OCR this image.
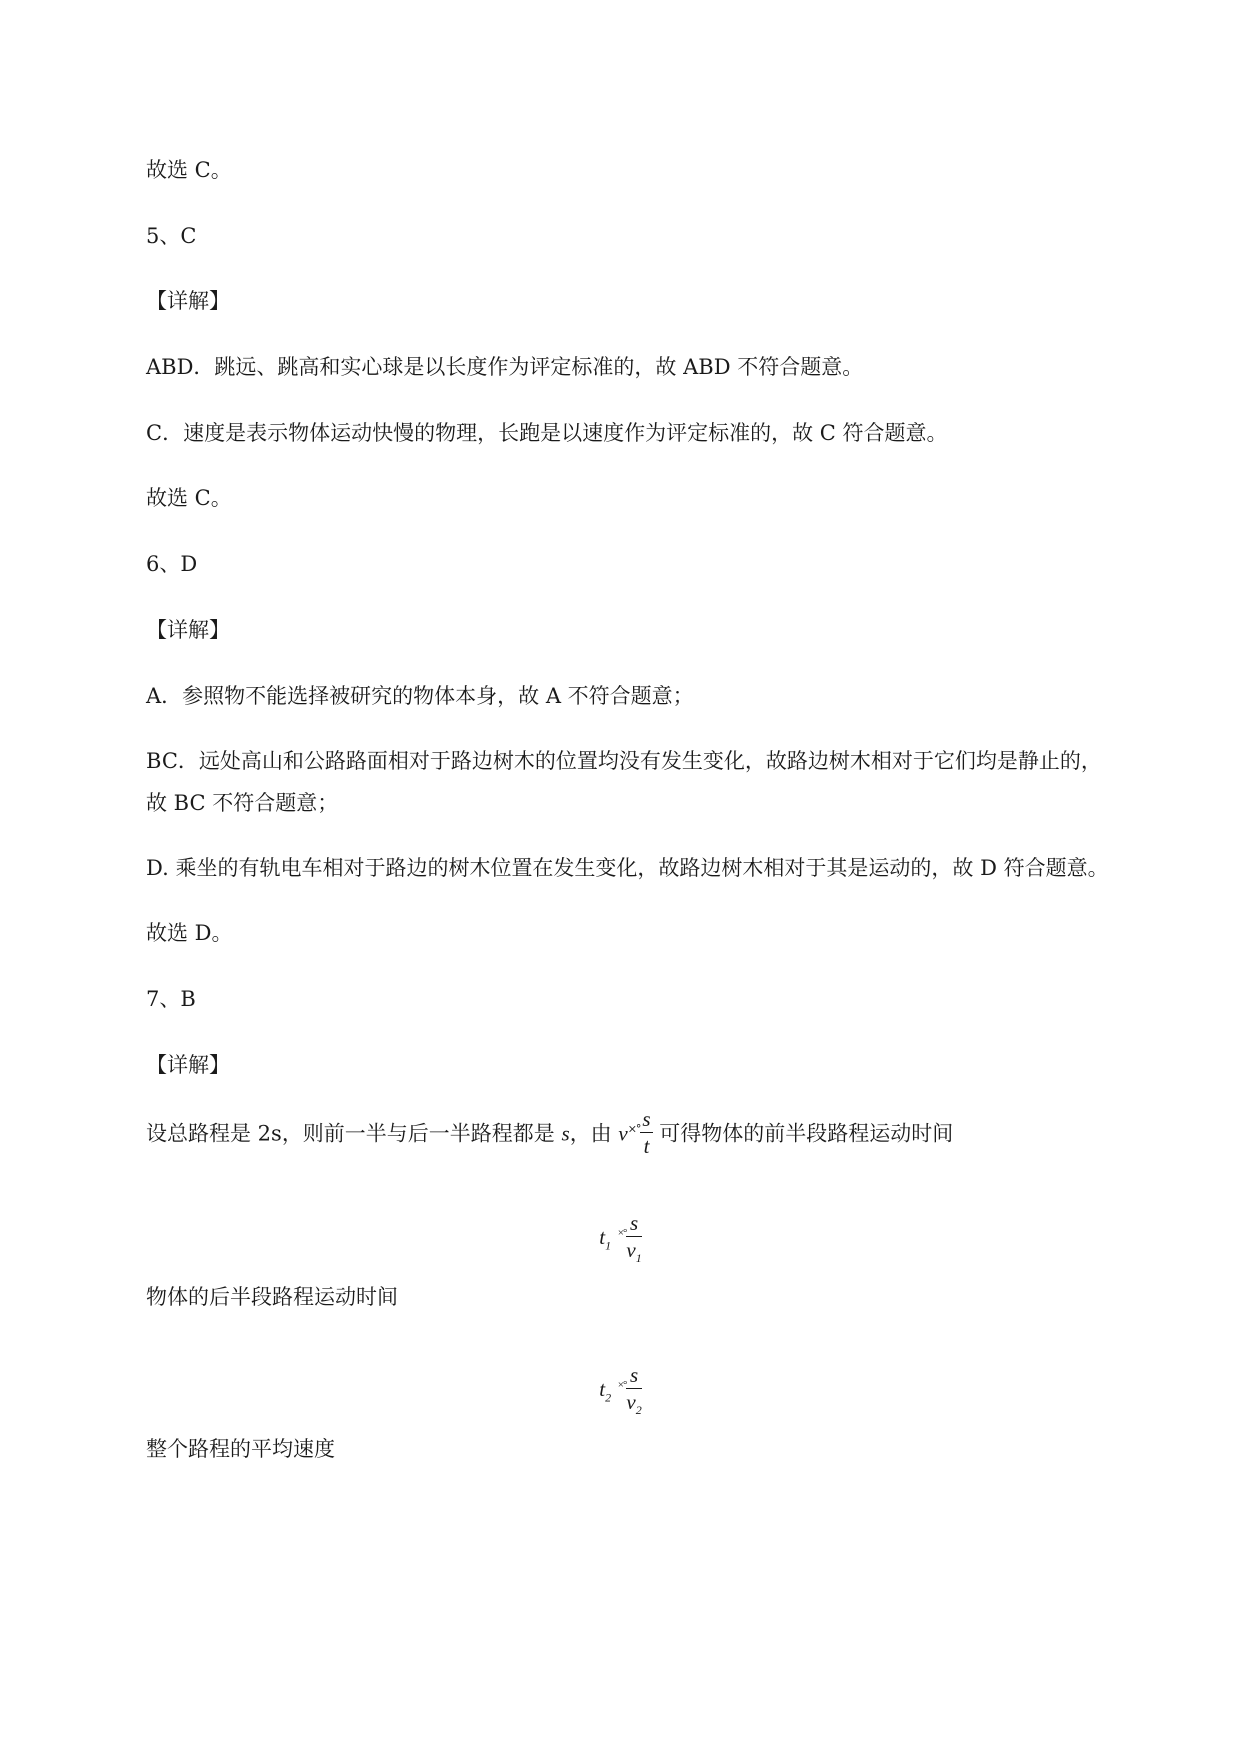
故选 C。
5、C
【详解】
ABD．跳远、跳高和实心球是以长度作为评定标准的，故 ABD 不符合题意。
C．速度是表示物体运动快慢的物理，长跑是以速度作为评定标准的，故 C 符合题意。
故选 C。
6、D
【详解】
A．参照物不能选择被研究的物体本身，故 A 不符合题意；
BC．远处高山和公路路面相对于路边树木的位置均没有发生变化，故路边树木相对于它们均是静止的，
故 BC 不符合题意；
D. 乘坐的有轨电车相对于路边的树木位置在发生变化，故路边树木相对于其是运动的，故 D 符合题意。
故选 D。
7、B
【详解】
设总路程是 2s，则前一半与后一半路程都是 s，由 $v^{\times^\circ} \frac{s}{t}$ 可得物体的前半段路程运动时间
$t_1$ $^{\times^\circ} \frac{s}{v_1}$
物体的后半段路程运动时间
$t_2$ $^{\times^\circ} \frac{s}{v_2}$
整个路程的平均速度
